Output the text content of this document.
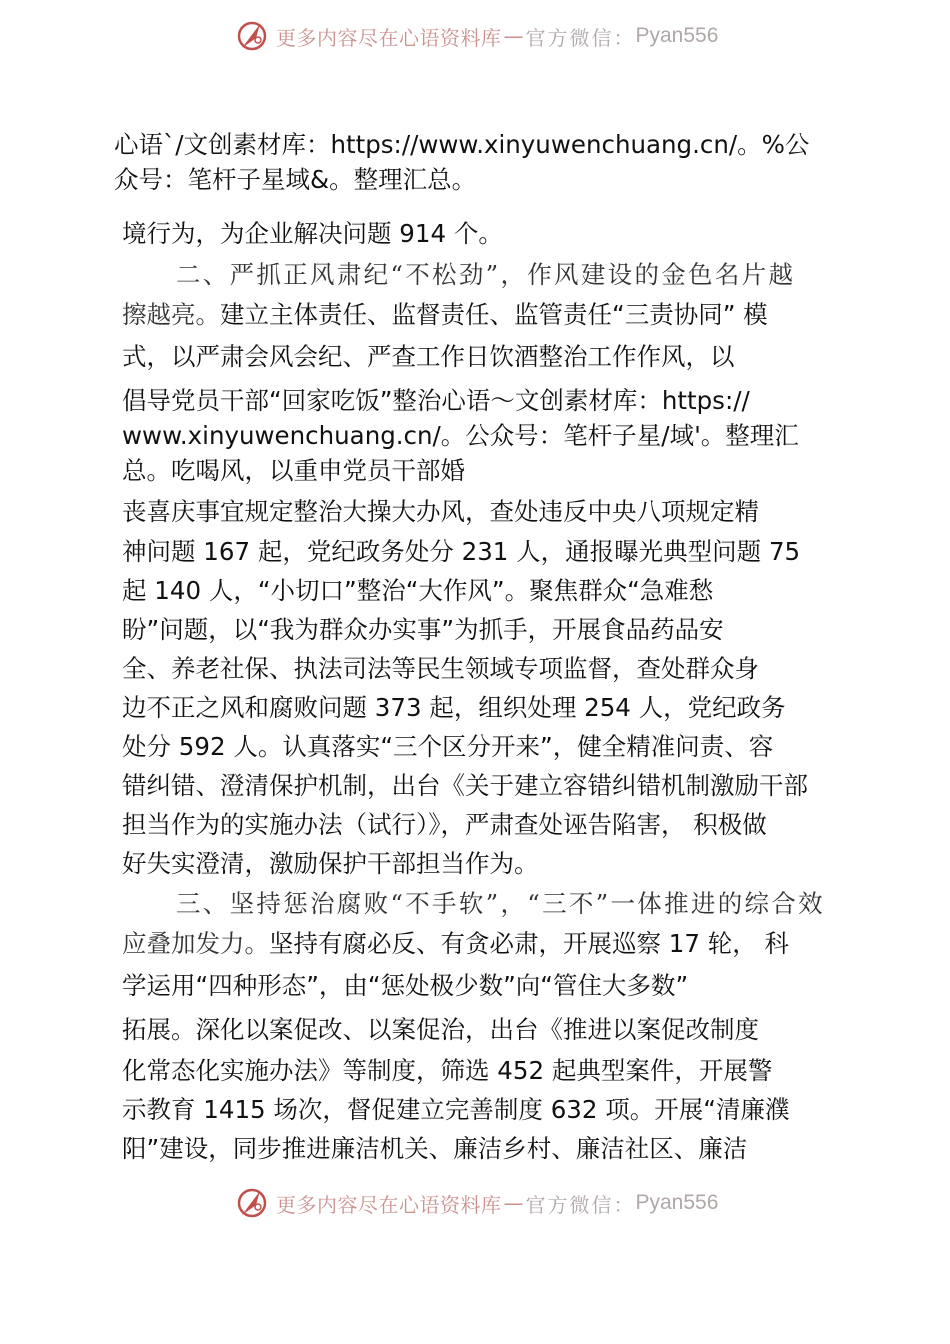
更多内容尽在心语资料库 — 官方微信： Pyan556
心语`/文创素材库：https://www.xinyuwenchuang.cn/。%公
众号：笔杆子星域&。整理汇总。
境行为，为企业解决问题 914 个。
二、严抓正风肃纪“不松劲”，作风建设的金色名片越
擦越亮。建立主体责任、监督责任、监管责任“三责协同” 模
式，以严肃会风会纪、严查工作日饮酒整治工作作风，以
倡导党员干部“回家吃饭”整治心语～文创素材库：https://
www.xinyuwenchuang.cn/。公众号：笔杆子星/域'。整理汇
总。吃喝风，以重申党员干部婚
丧喜庆事宜规定整治大操大办风，查处违反中央八项规定精
神问题 167 起，党纪政务处分 231 人，通报曝光典型问题 75
起 140 人，“小切口”整治“大作风”。聚焦群众“急难愁
盼”问题，以“我为群众办实事”为抓手，开展食品药品安
全、养老社保、执法司法等民生领域专项监督，查处群众身
边不正之风和腐败问题 373 起，组织处理 254 人，党纪政务
处分 592 人。认真落实“三个区分开来”，健全精准问责、容
错纠错、澄清保护机制，出台《关于建立容错纠错机制激励干部
担当作为的实施办法（试行）》，严肃查处诬告陷害， 积极做
好失实澄清，激励保护干部担当作为。
三、坚持惩治腐败“不手软”，“三不”一体推进的综合效
应叠加发力。坚持有腐必反、有贪必肃，开展巡察 17 轮， 科
学运用“四种形态”，由“惩处极少数”向“管住大多数”
拓展。深化以案促改、以案促治，出台《推进以案促改制度
化常态化实施办法》等制度，筛选 452 起典型案件，开展警
示教育 1415 场次，督促建立完善制度 632 项。开展“清廉濮
阳”建设，同步推进廉洁机关、廉洁乡村、廉洁社区、廉洁
更多内容尽在心语资料库 — 官方微信： Pyan556
